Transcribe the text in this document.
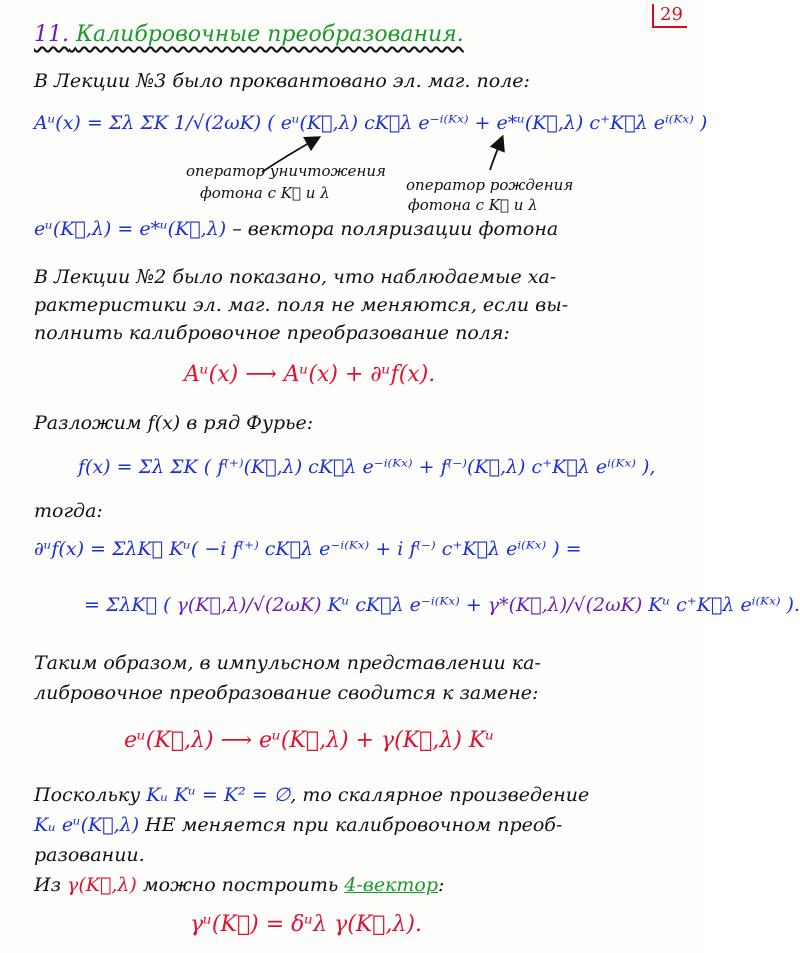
29
11. Калибровочные преобразования.
В Лекции №3 было проквантовано эл. маг. поле:
Aᵘ(x) = Σλ ΣK 1/√(2ωK) ( eᵘ(K⃗,λ) cK⃗λ e⁻ⁱ⁽ᴷˣ⁾ + e*ᵘ(K⃗,λ) c⁺K⃗λ eⁱ⁽ᴷˣ⁾ )
оператор уничтожения
фотона с K⃗ и λ	оператор рождения
фотона с K⃗ и λ
eᵘ(K⃗,λ) = e*ᵘ(K⃗,λ) – вектора поляризации фотона
В Лекции №2 было показано, что наблюдаемые ха-
рактеристики эл. маг. поля не меняются, если вы-
полнить калибровочное преобразование поля:
Aᵘ(x) ⟶ Aᵘ(x) + ∂ᵘf(x).
Разложим f(x) в ряд Фурье:
f(x) = Σλ ΣK ( f⁽⁺⁾(K⃗,λ) cK⃗λ e⁻ⁱ⁽ᴷˣ⁾ + f⁽⁻⁾(K⃗,λ) c⁺K⃗λ eⁱ⁽ᴷˣ⁾ ),
тогда:
∂ᵘf(x) = ΣλK⃗ Kᵘ( −i f⁽⁺⁾ cK⃗λ e⁻ⁱ⁽ᴷˣ⁾ + i f⁽⁻⁾ c⁺K⃗λ eⁱ⁽ᴷˣ⁾ ) =
= ΣλK⃗ ( γ(K⃗,λ)/√(2ωK) Kᵘ cK⃗λ e⁻ⁱ⁽ᴷˣ⁾ + γ*(K⃗,λ)/√(2ωK) Kᵘ c⁺K⃗λ eⁱ⁽ᴷˣ⁾ ).
Таким образом, в импульсном представлении ка-
либровочное преобразование сводится к замене:
eᵘ(K⃗,λ) ⟶ eᵘ(K⃗,λ) + γ(K⃗,λ) Kᵘ
Поскольку Kᵤ Kᵘ = K² = ∅, то скалярное произведение
Kᵤ eᵘ(K⃗,λ) НЕ меняется при калибровочном преоб-
разовании.
Из γ(K⃗,λ) можно построить 4-вектор:
γᵘ(K⃗) = δᵘλ γ(K⃗,λ).
